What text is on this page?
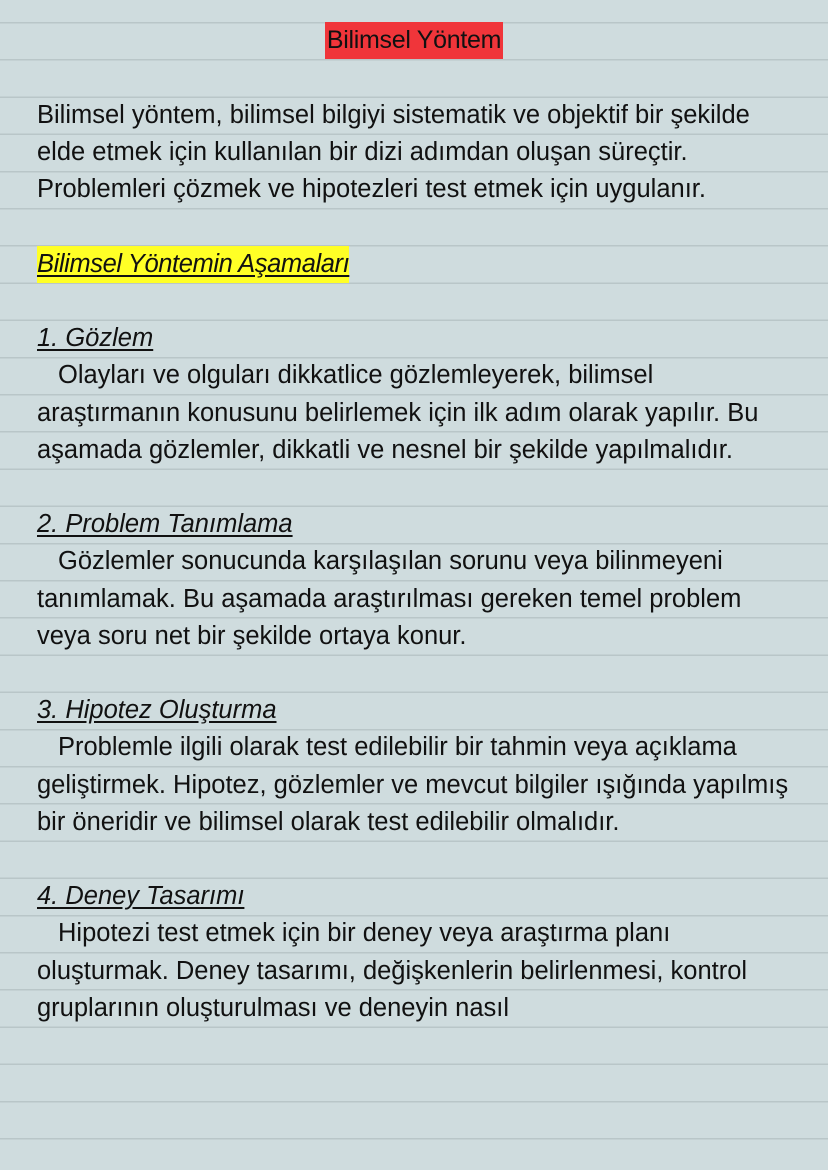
Bilimsel Yöntem

Bilimsel yöntem, bilimsel bilgiyi sistematik ve objektif bir şekilde elde etmek için kullanılan bir dizi adımdan oluşan süreçtir. Problemleri çözmek ve hipotezleri test etmek için uygulanır.

Bilimsel Yöntemin Aşamaları

1. Gözlem

Olayları ve olguları dikkatlice gözlemleyerek, bilimsel araştırmanın konusunu belirlemek için ilk adım olarak yapılır. Bu aşamada gözlemler, dikkatli ve nesnel bir şekilde yapılmalıdır.

2. Problem Tanımlama

Gözlemler sonucunda karşılaşılan sorunu veya bilinmeyeni tanımlamak. Bu aşamada araştırılması gereken temel problem veya soru net bir şekilde ortaya konur.

3. Hipotez Oluşturma

Problemle ilgili olarak test edilebilir bir tahmin veya açıklama geliştirmek. Hipotez, gözlemler ve mevcut bilgiler ışığında yapılmış bir öneridir ve bilimsel olarak test edilebilir olmalıdır.

4. Deney Tasarımı

Hipotezi test etmek için bir deney veya araştırma planı oluşturmak. Deney tasarımı, değişkenlerin belirlenmesi, kontrol gruplarının oluşturulması ve deneyin nasıl
